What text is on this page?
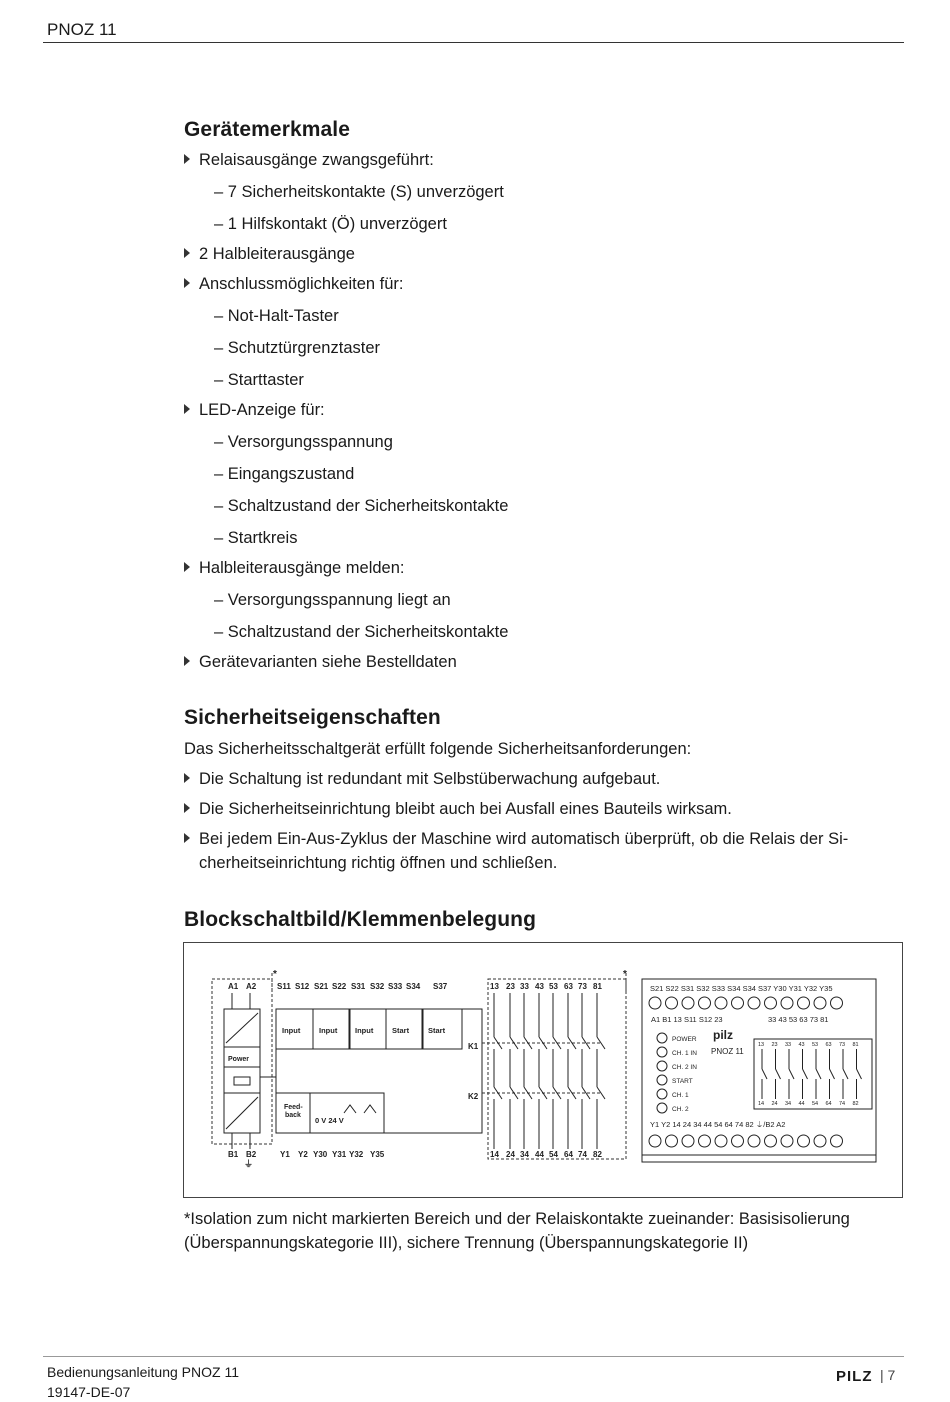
PNOZ 11
Gerätemerkmale
Relaisausgänge zwangsgeführt:
– 7 Sicherheitskontakte (S) unverzögert
– 1 Hilfskontakt (Ö) unverzögert
2 Halbleiterausgänge
Anschlussmöglichkeiten für:
– Not-Halt-Taster
– Schutztürgrenztaster
– Starttaster
LED-Anzeige für:
– Versorgungsspannung
– Eingangszustand
– Schaltzustand der Sicherheitskontakte
– Startkreis
Halbleiterausgänge melden:
– Versorgungsspannung liegt an
– Schaltzustand der Sicherheitskontakte
Gerätevarianten siehe Bestelldaten
Sicherheitseigenschaften
Das Sicherheitsschaltgerät erfüllt folgende Sicherheitsanforderungen:
Die Schaltung ist redundant mit Selbstüberwachung aufgebaut.
Die Sicherheitseinrichtung bleibt auch bei Ausfall eines Bauteils wirksam.
Bei jedem Ein-Aus-Zyklus der Maschine wird automatisch überprüft, ob die Relais der Si-cherheitseinrichtung richtig öffnen und schließen.
Blockschaltbild/Klemmenbelegung
*	*
A1 A2	S11 S12 S21 S22 S31 S32 S33 S34 S37	13 23 33 43 53 63 73 81
Power
Input Input Input Start	Start
Feed-
back
0 V 24 V
K1
K2
B1 B2
⏚
Y1 Y2 Y30 Y31 Y32 Y35	14 24 34 44 54 64 74 82
S21 S22 S31 S32 S33 S34 S34 S37 Y30 Y31 Y32 Y35
A1 B1 13 S11 S12 23	33 43 53 63 73 81
POWER
CH. 1 IN
CH. 2 IN
START
CH. 1
CH. 2
pilz
PNOZ 11
13 23 33 43 53 63 73 81
14 24 34 44 54 64 74 82
Y1 Y2 14 24 34 44 54 64 74 82 ⏚/B2 A2
*Isolation zum nicht markierten Bereich und der Relaiskontakte zueinander: Basisisolierung (Überspannungskategorie III), sichere Trennung (Überspannungskategorie II)
Bedienungsanleitung PNOZ 11
19147-DE-07
PILZ | 7
